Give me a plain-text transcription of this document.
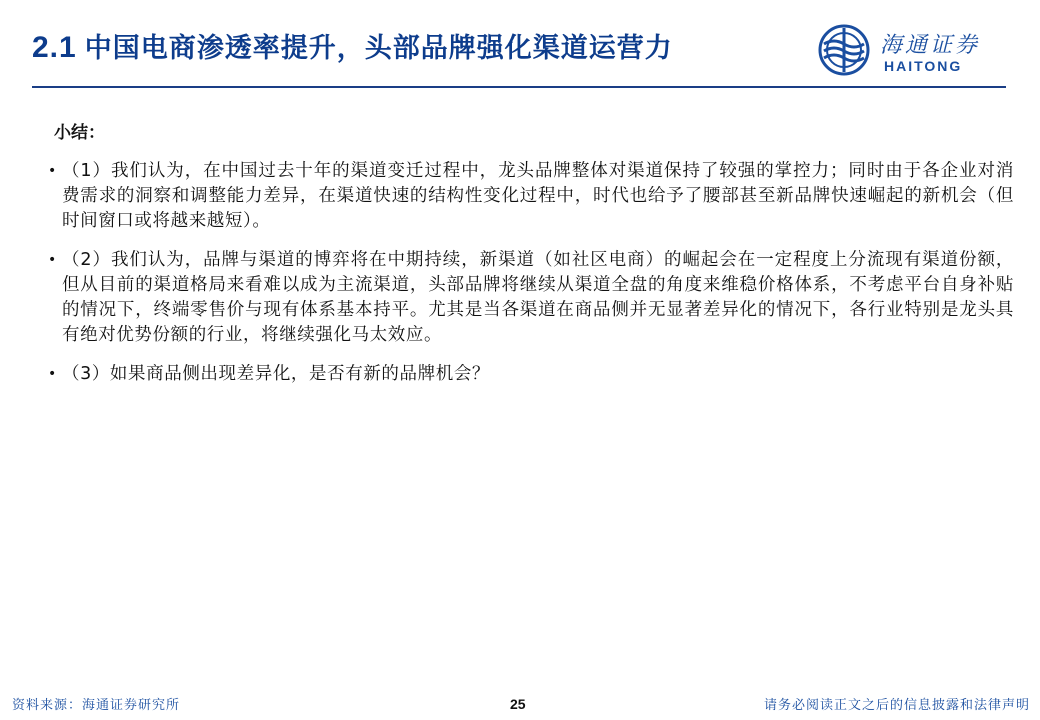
2.1 中国电商渗透率提升，头部品牌强化渠道运营力	海通证券
HAITONG
小结：
• （1）我们认为，在中国过去十年的渠道变迁过程中，龙头品牌整体对渠道保持了较强的掌控力；同时由于各企业对消费需求的洞察和调整能力差异，在渠道快速的结构性变化过程中，时代也给予了腰部甚至新品牌快速崛起的新机会（但时间窗口或将越来越短）。
• （2）我们认为，品牌与渠道的博弈将在中期持续，新渠道（如社区电商）的崛起会在一定程度上分流现有渠道份额，但从目前的渠道格局来看难以成为主流渠道，头部品牌将继续从渠道全盘的角度来维稳价格体系，不考虑平台自身补贴的情况下，终端零售价与现有体系基本持平。尤其是当各渠道在商品侧并无显著差异化的情况下，各行业特别是龙头具有绝对优势份额的行业，将继续强化马太效应。
• （3）如果商品侧出现差异化，是否有新的品牌机会？
资料来源：海通证券研究所	25	请务必阅读正文之后的信息披露和法律声明
